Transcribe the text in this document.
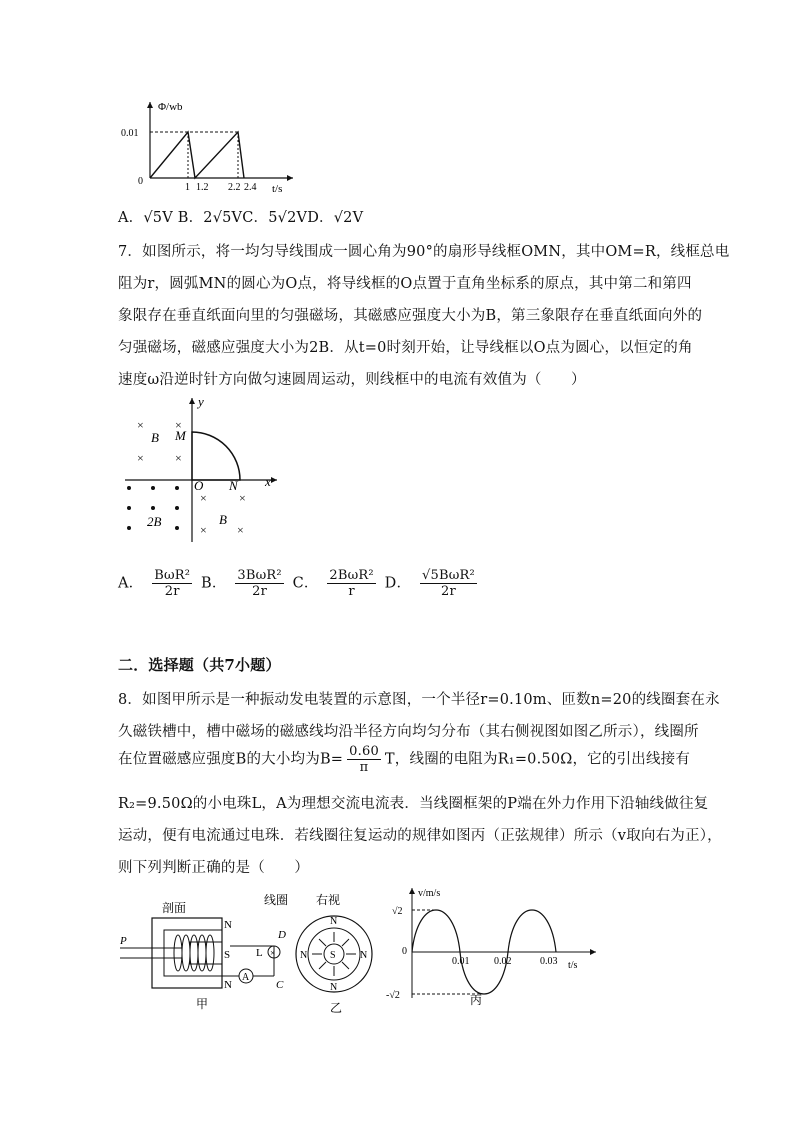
Φ/wb
0.01
0
1 1.2 2.2 2.4 t/s
A．√5V B．2√5VC．5√2VD．√2V
7．如图所示，将一均匀导线围成一圆心角为90°的扇形导线框OMN，其中OM=R，线框总电
阻为r，圆弧MN的圆心为O点，将导线框的O点置于直角坐标系的原点，其中第二和第四
象限存在垂直纸面向里的匀强磁场，其磁感应强度大小为B，第三象限存在垂直纸面向外的
匀强磁场，磁感应强度大小为2B．从t=0时刻开始，让导线框以O点为圆心，以恒定的角
速度ω沿逆时针方向做匀速圆周运动，则线框中的电流有效值为（　　）
y
x
M
O N
B
2B	B
×	×
×	×
×	×
×	×
A． $\frac{\text{BωR²}}{2r}$ B． $\frac{\text{3BωR²}}{2r}$ C． $\frac{\text{2BωR²}}{r}$ D． $\frac{\text{√5BωR²}}{2r}$
二．选择题（共7小题）
8．如图甲所示是一种振动发电装置的示意图，一个半径r=0.10m、匝数n=20的线圈套在永
久磁铁槽中，槽中磁场的磁感线均沿半径方向均匀分布（其右侧视图如图乙所示），线圈所
在位置磁感应强度B的大小均为$B= \frac{0.60}{\pi}$ T，线圈的电阻为R₁=0.50Ω，它的引出线接有
R₂=9.50Ω的小电珠L，A为理想交流电流表．当线圈框架的P端在外力作用下沿轴线做往复
运动，便有电流通过电珠．若线圈往复运动的规律如图丙（正弦规律）所示（v取向右为正），
则下列判断正确的是（　　）
剖面
线圈
P
N
S
N
×
L
D
C
A
甲
右视
S
N
N	N
N
乙
v/m/s
√2
-√2
0
0.01 0.02	0.03 t/s
丙
